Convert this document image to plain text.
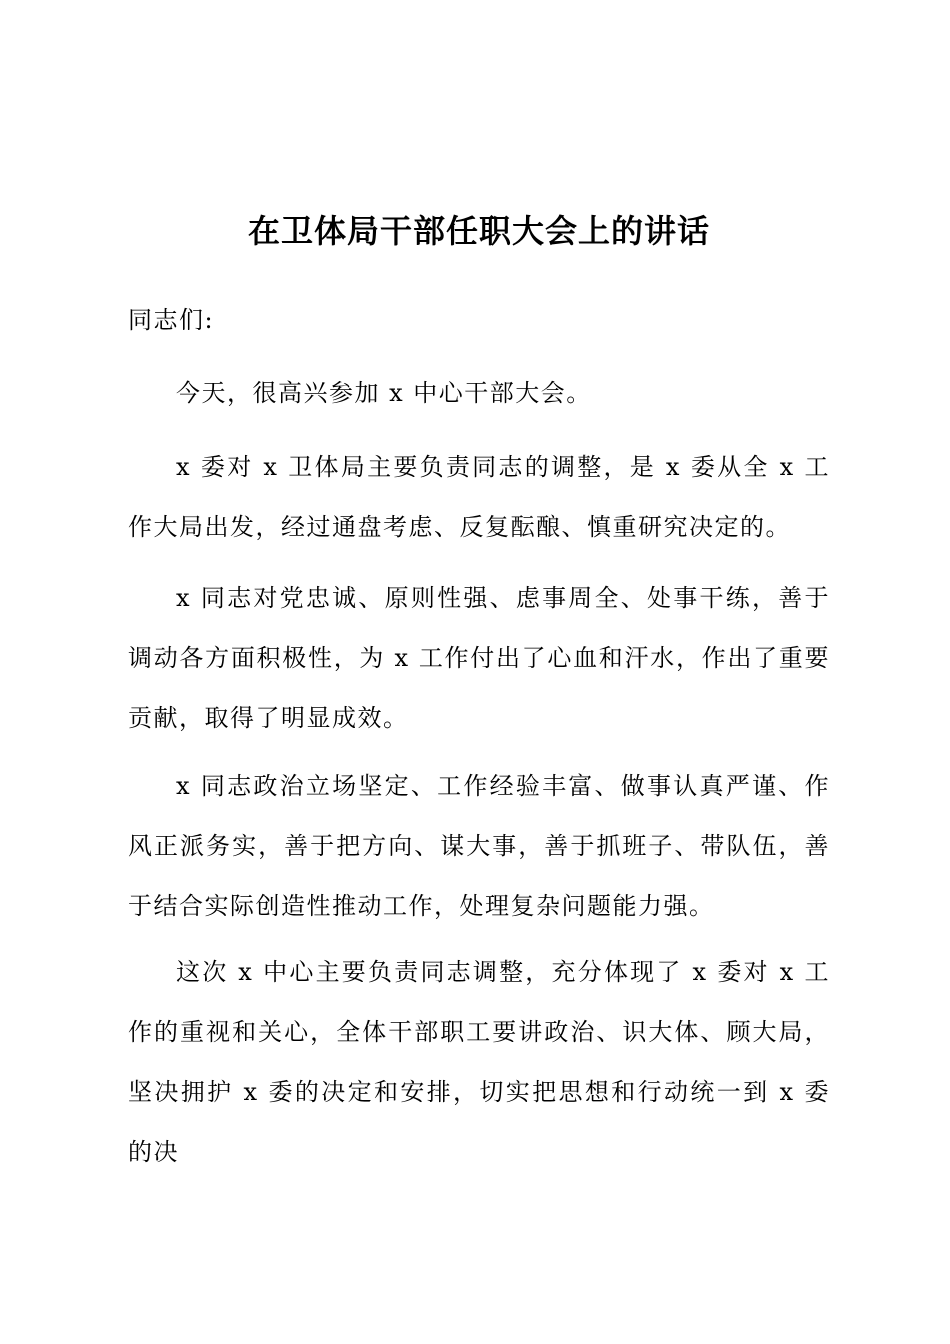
在卫体局干部任职大会上的讲话

同志们:

今天，很高兴参加 x 中心干部大会。

x 委对 x 卫体局主要负责同志的调整，是 x 委从全 x 工作大局出发，经过通盘考虑、反复酝酿、慎重研究决定的。

x 同志对党忠诚、原则性强、虑事周全、处事干练，善于调动各方面积极性，为 x 工作付出了心血和汗水，作出了重要贡献，取得了明显成效。

x 同志政治立场坚定、工作经验丰富、做事认真严谨、作风正派务实，善于把方向、谋大事，善于抓班子、带队伍，善于结合实际创造性推动工作，处理复杂问题能力强。

这次 x 中心主要负责同志调整，充分体现了 x 委对 x 工作的重视和关心，全体干部职工要讲政治、识大体、顾大局，坚决拥护 x 委的决定和安排，切实把思想和行动统一到 x 委的决
